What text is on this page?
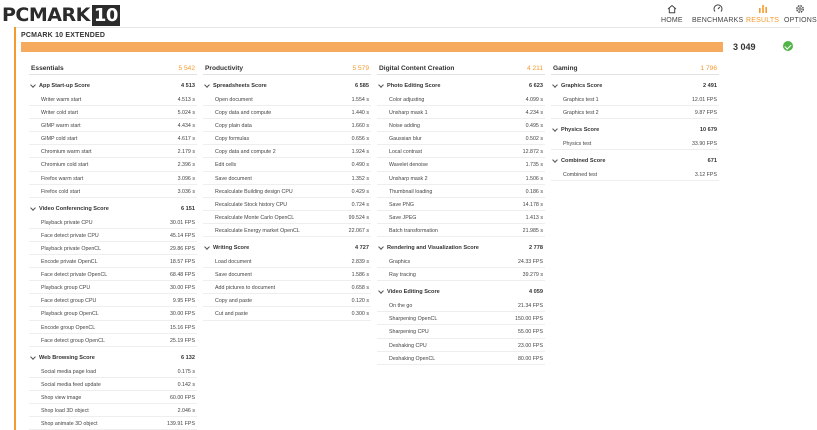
PCMARK 10	HOME BENCHMARKS RESULTS OPTIONS
PCMARK 10 EXTENDED
3 049
Essentials	5 542
App Start-up Score	4 513
Writer warm start	4.513 s
Writer cold start	5.024 s
GIMP warm start	4.434 s
GIMP cold start	4.617 s
Chromium warm start	2.179 s
Chromium cold start	2.396 s
Firefox warm start	3.096 s
Firefox cold start	3.036 s
Video Conferencing Score	6 151
Playback private CPU	30.01 FPS
Face detect private CPU	45.14 FPS
Playback private OpenCL	29.86 FPS
Encode private OpenCL	18.57 FPS
Face detect private OpenCL	68.48 FPS
Playback group CPU	30.00 FPS
Face detect group CPU	9.95 FPS
Playback group OpenCL	30.00 FPS
Encode group OpenCL	15.16 FPS
Face detect group OpenCL	25.19 FPS
Web Browsing Score	6 132
Social media page load	0.175 s
Social media feed update	0.142 s
Shop view image	60.00 FPS
Shop load 3D object	2.046 s
Shop animate 3D object	139.91 FPS
Productivity	5 579
Spreadsheets Score	6 585
Open document	1.554 s
Copy data and compute	1.440 s
Copy plain data	1.660 s
Copy formulas	0.656 s
Copy data and compute 2	1.924 s
Edit cells	0.490 s
Save document	1.352 s
Recalculate Building design CPU	0.429 s
Recalculate Stock history CPU	0.724 s
Recalculate Monte Carlo OpenCL	99.524 s
Recalculate Energy market OpenCL	22.067 s
Writing Score	4 727
Load document	2.839 s
Save document	1.586 s
Add pictures to document	0.658 s
Copy and paste	0.120 s
Cut and paste	0.300 s
Digital Content Creation	4 211
Photo Editing Score	6 623
Color adjusting	4.099 s
Unsharp mask 1	4.234 s
Noise adding	0.495 s
Gaussian blur	0.502 s
Local contrast	12.872 s
Wavelet denoise	1.735 s
Unsharp mask 2	1.506 s
Thumbnail loading	0.186 s
Save PNG	14.178 s
Save JPEG	1.413 s
Batch transformation	21.985 s
Rendering and Visualization Score	2 778
Graphics	24.33 FPS
Ray tracing	39.279 s
Video Editing Score	4 059
On the go	21.34 FPS
Sharpening OpenCL	150.00 FPS
Sharpening CPU	55.00 FPS
Deshaking CPU	23.00 FPS
Deshaking OpenCL	80.00 FPS
Gaming	1 796
Graphics Score	2 491
Graphics test 1	12.01 FPS
Graphics test 2	9.87 FPS
Physics Score	10 679
Physics test	33.90 FPS
Combined Score	671
Combined test	3.12 FPS
